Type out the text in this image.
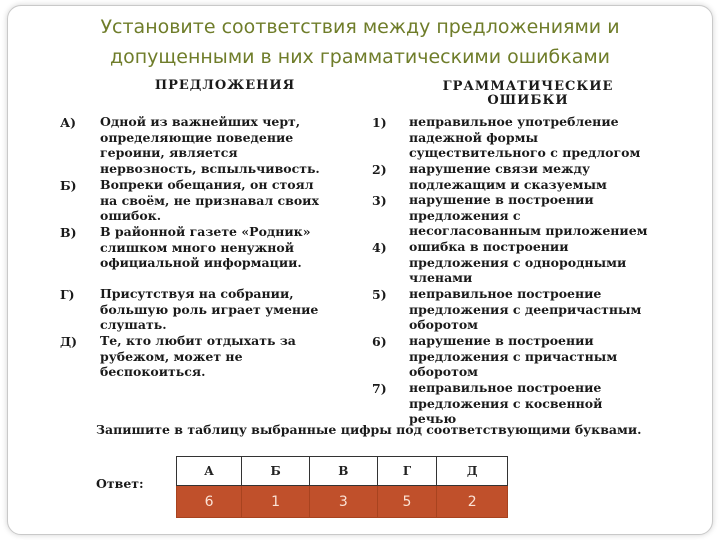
Установите соответствия между предложениями и
допущенными в них грамматическими ошибками
ПРЕДЛОЖЕНИЯ	ГРАММАТИЧЕСКИЕ
ОШИБКИ
А) Одной из важнейших черт, определяющие поведение героини, является нервозность, вспыльчивость.
Б) Вопреки обещания, он стоял на своём, не признавал своих ошибок.
В) В районной газете «Родник» слишком много ненужной официальной информации.
Г) Присутствуя на собрании, большую роль играет умение слушать.
Д) Те, кто любит отдыхать за рубежом, может не беспокоиться.
1) неправильное употребление падежной формы существительного с предлогом
2) нарушение связи между подлежащим и сказуемым
3) нарушение в построении предложения с несогласованным приложением
4) ошибка в построении предложения с однородными членами
5) неправильное построение предложения с деепричастным оборотом
6) нарушение в построении предложения с причастным оборотом
7) неправильное построение предложения с косвенной речью
Запишите в таблицу выбранные цифры под соответствующими буквами.
Ответ:
А	Б	В	Г	Д
6	1	3	5	2
